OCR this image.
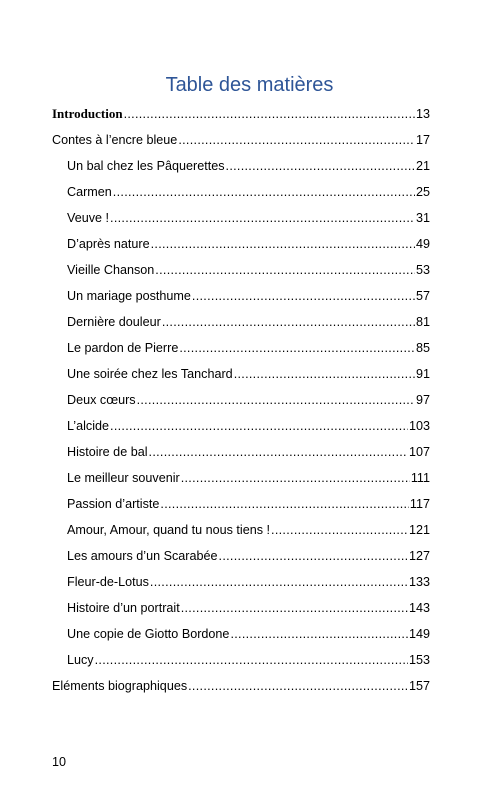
Table des matières
Introduction .....	13
Contes à l’encre bleue .....	17
Un bal chez les Pâquerettes .....	21
Carmen .....	25
Veuve ! .....	31
D’après nature .....	49
Vieille Chanson .....	53
Un mariage posthume .....	57
Dernière douleur .....	81
Le pardon de Pierre .....	85
Une soirée chez les Tanchard .....	91
Deux cœurs .....	97
L’alcide .....	103
Histoire de bal .....	107
Le meilleur souvenir .....	111
Passion d’artiste .....	117
Amour, Amour, quand tu nous tiens ! .....	121
Les amours d’un Scarabée .....	127
Fleur-de-Lotus .....	133
Histoire d’un portrait .....	143
Une copie de Giotto Bordone .....	149
Lucy .....	153
Eléments biographiques .....	157
10
